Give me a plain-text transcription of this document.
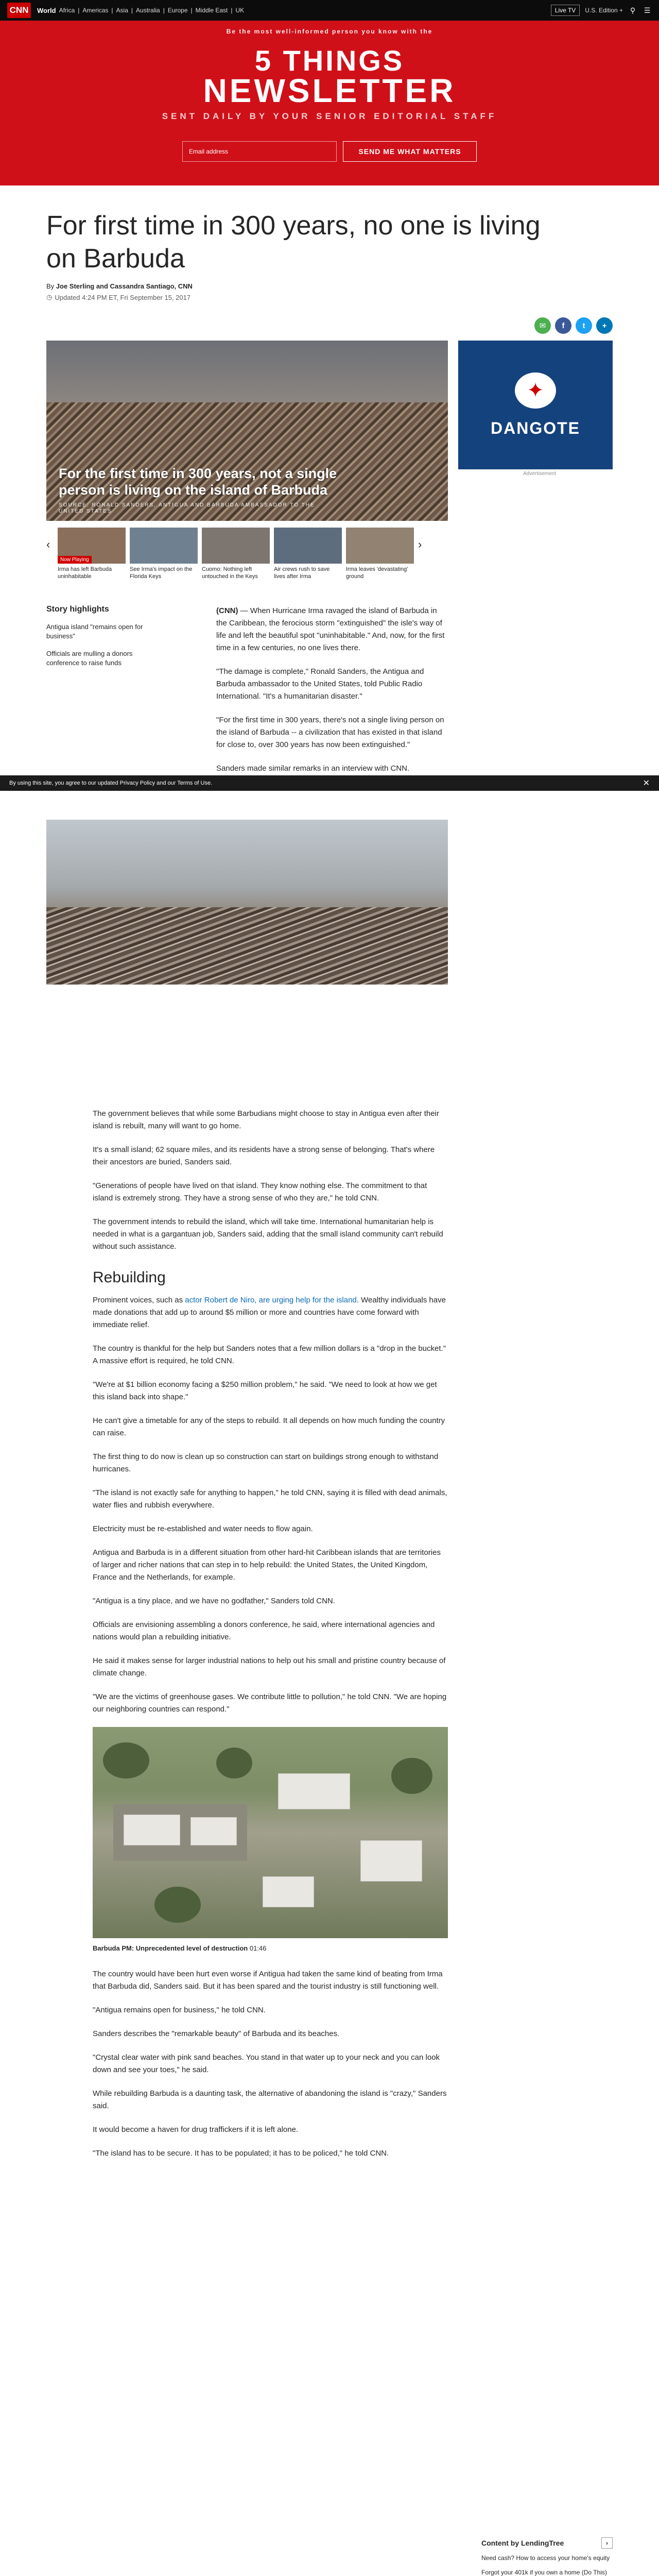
CNN	World Africa | Americas | Asia | Australia | Europe | Middle East | UK	Live TV	U.S. Edition + ⚲ ☰
Be the most well-informed person you know with the
5 THINGS
NEWSLETTER
SENT DAILY BY YOUR SENIOR EDITORIAL STAFF
Email address	SEND ME WHAT MATTERS
For first time in 300 years, no one is living on Barbuda
By Joe Sterling and Cassandra Santiago, CNN
◷ Updated 4:24 PM ET, Fri September 15, 2017
✉	f	t	+
For the first time in 300 years, not a single person is living on the island of Barbuda
SOURCE: RONALD SANDERS, ANTIGUA AND BARBUDA AMBASSADOR TO THE UNITED STATES
✦
DANGOTE
Advertisement
‹
Now Playing
Irma has left Barbuda uninhabitable
See Irma's impact on the Florida Keys
Cuomo: Nothing left untouched in the Keys
Air crews rush to save lives after Irma
Irma leaves 'devastating' ground
›
Story highlights
Antigua island "remains open for business"
Officials are mulling a donors conference to raise funds

(CNN) — When Hurricane Irma ravaged the island of Barbuda in the Caribbean, the ferocious storm "extinguished" the isle's way of life and left the beautiful spot "uninhabitable." And, now, for the first time in a few centuries, no one lives there.

"The damage is complete," Ronald Sanders, the Antigua and Barbuda ambassador to the United States, told Public Radio International. "It's a humanitarian disaster."

"For the first time in 300 years, there's not a single living person on the island of Barbuda -- a civilization that has existed in that island for close to, over 300 years has now been extinguished."

Sanders made similar remarks in an interview with CNN.

By using this site, you agree to our updated Privacy Policy and our Terms of Use.	✕

The government believes that while some Barbudians might choose to stay in Antigua even after their island is rebuilt, many will want to go home.

It's a small island; 62 square miles, and its residents have a strong sense of belonging. That's where their ancestors are buried, Sanders said.

"Generations of people have lived on that island. They know nothing else. The commitment to that island is extremely strong. They have a strong sense of who they are," he told CNN.

The government intends to rebuild the island, which will take time. International humanitarian help is needed in what is a gargantuan job, Sanders said, adding that the small island community can't rebuild without such assistance.

Rebuilding

Prominent voices, such as actor Robert de Niro, are urging help for the island. Wealthy individuals have made donations that add up to around $5 million or more and countries have come forward with immediate relief.

The country is thankful for the help but Sanders notes that a few million dollars is a "drop in the bucket." A massive effort is required, he told CNN.

"We're at $1 billion economy facing a $250 million problem," he said. "We need to look at how we get this island back into shape."

He can't give a timetable for any of the steps to rebuild. It all depends on how much funding the country can raise.

The first thing to do now is clean up so construction can start on buildings strong enough to withstand hurricanes.

"The island is not exactly safe for anything to happen," he told CNN, saying it is filled with dead animals, water flies and rubbish everywhere.

Electricity must be re-established and water needs to flow again.

Antigua and Barbuda is in a different situation from other hard-hit Caribbean islands that are territories of larger and richer nations that can step in to help rebuild: the United States, the United Kingdom, France and the Netherlands, for example.

"Antigua is a tiny place, and we have no godfather," Sanders told CNN.

Officials are envisioning assembling a donors conference, he said, where international agencies and nations would plan a rebuilding initiative.

He said it makes sense for larger industrial nations to help out his small and pristine country because of climate change.

"We are the victims of greenhouse gases. We contribute little to pollution," he told CNN. "We are hoping our neighboring countries can respond."

Barbuda PM: Unprecedented level of destruction 01:46

The country would have been hurt even worse if Antigua had taken the same kind of beating from Irma that Barbuda did, Sanders said. But it has been spared and the tourist industry is still functioning well.

"Antigua remains open for business," he told CNN.

Sanders describes the "remarkable beauty" of Barbuda and its beaches.

"Crystal clear water with pink sand beaches. You stand in that water up to your neck and you can look down and see your toes," he said.

While rebuilding Barbuda is a daunting task, the alternative of abandoning the island is "crazy," Sanders said.

It would become a haven for drug traffickers if it is left alone.

"The island has to be secure. It has to be populated; it has to be policed," he told CNN.

Content by LendingTree	›
Need cash? How to access your home's equity
Forgot your 401k if you own a home (Do This)
